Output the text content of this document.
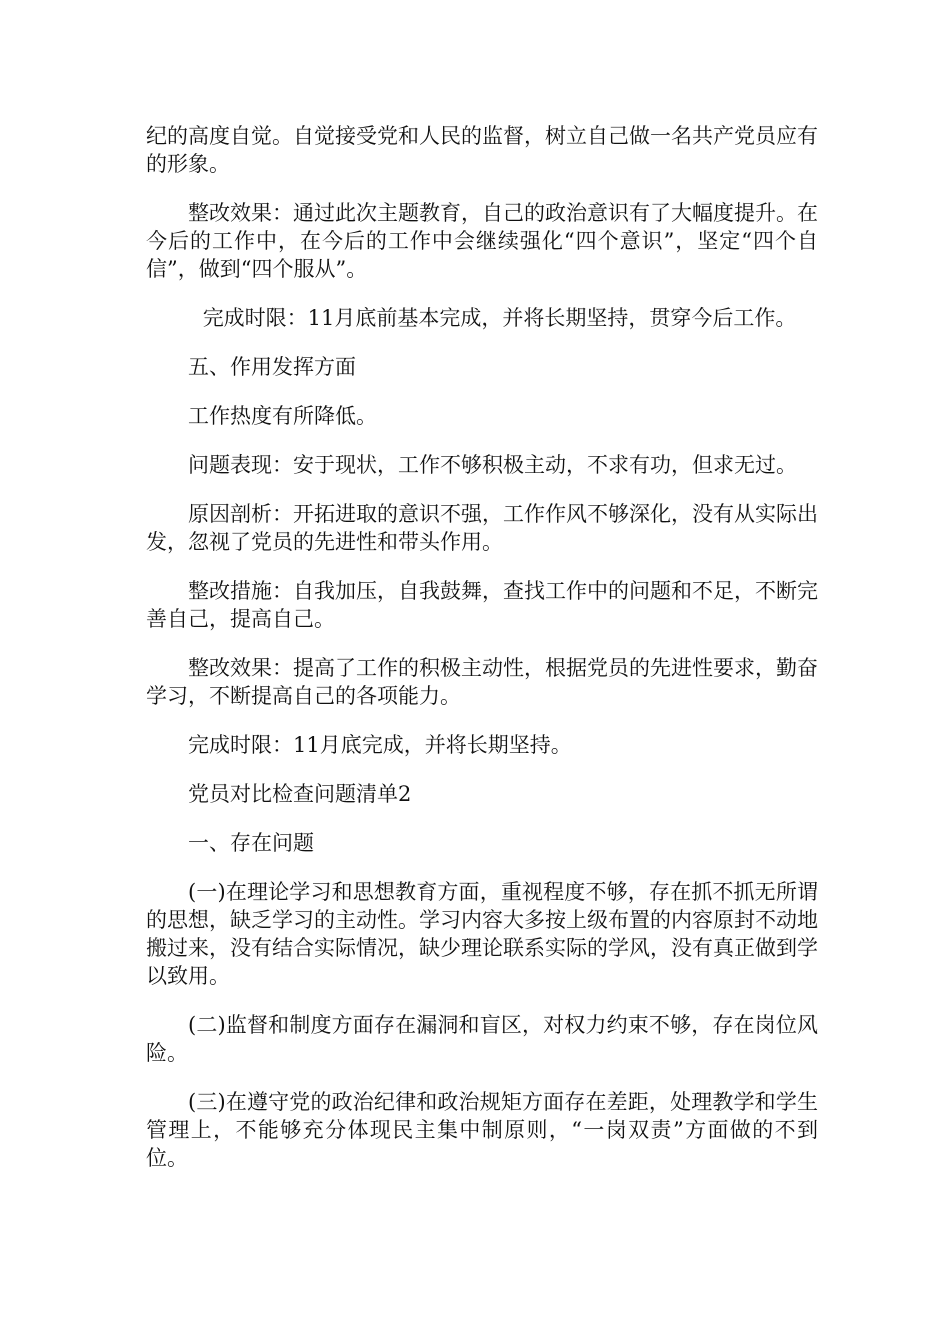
纪的高度自觉。自觉接受党和人民的监督，树立自己做一名共产党员应有的形象。

整改效果：通过此次主题教育，自己的政治意识有了大幅度提升。在今后的工作中，在今后的工作中会继续强化“四个意识”，坚定“四个自信”，做到“四个服从”。

完成时限：11月底前基本完成，并将长期坚持，贯穿今后工作。

五、作用发挥方面

工作热度有所降低。

问题表现：安于现状，工作不够积极主动，不求有功，但求无过。

原因剖析：开拓进取的意识不强，工作作风不够深化，没有从实际出发，忽视了党员的先进性和带头作用。

整改措施：自我加压，自我鼓舞，查找工作中的问题和不足，不断完善自己，提高自己。

整改效果：提高了工作的积极主动性，根据党员的先进性要求，勤奋学习，不断提高自己的各项能力。

完成时限：11月底完成，并将长期坚持。

党员对比检查问题清单2

一、存在问题

(一)在理论学习和思想教育方面，重视程度不够，存在抓不抓无所谓的思想，缺乏学习的主动性。学习内容大多按上级布置的内容原封不动地搬过来，没有结合实际情况，缺少理论联系实际的学风，没有真正做到学以致用。

(二)监督和制度方面存在漏洞和盲区，对权力约束不够，存在岗位风险。

(三)在遵守党的政治纪律和政治规矩方面存在差距，处理教学和学生管理上，不能够充分体现民主集中制原则，“一岗双责”方面做的不到位。
